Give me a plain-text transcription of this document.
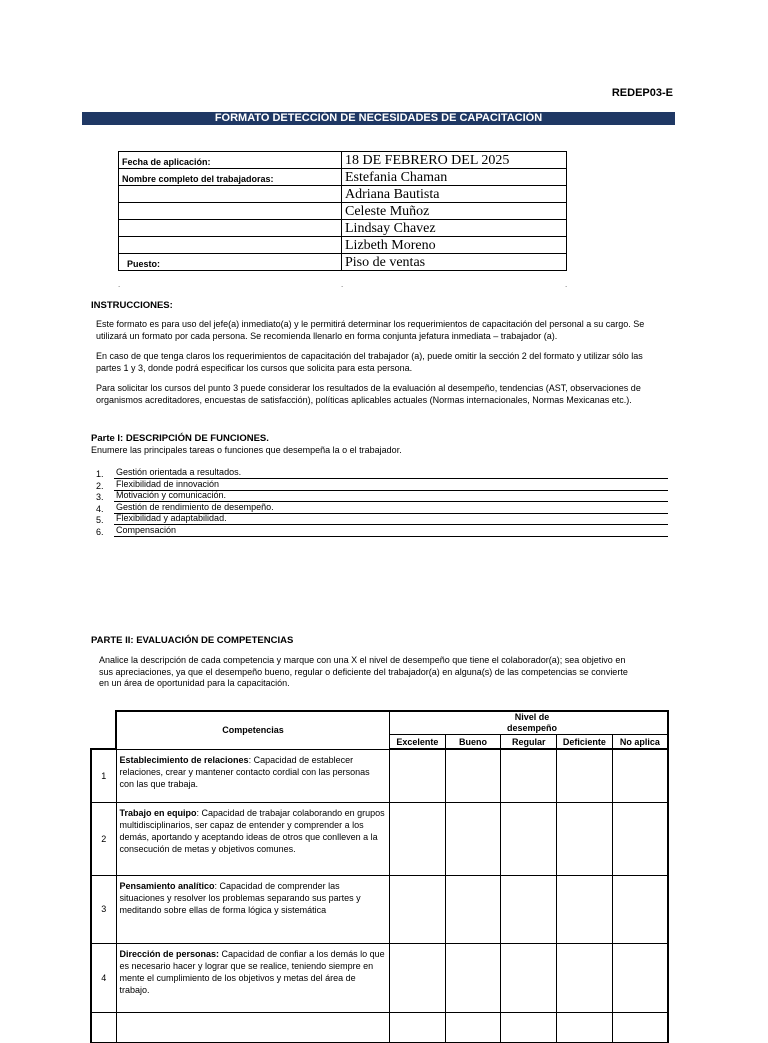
REDEP03-E
FORMATO DETECCIÓN DE NECESIDADES DE CAPACITACIÓN
Fecha de aplicación:	18 DE FEBRERO DEL 2025
Nombre completo del trabajadoras:	Estefania Chaman
	Adriana Bautista
	Celeste Muñoz
	Lindsay Chavez
	Lizbeth Moreno
Puesto:	Piso de ventas
.	.	.
INSTRUCCIONES:
Este formato es para uso del jefe(a) inmediato(a) y le permitirá determinar los requerimientos de capacitación del personal a su cargo. Se utilizará un formato por cada persona. Se recomienda llenarlo en forma conjunta jefatura inmediata – trabajador (a).
En caso de que tenga claros los requerimientos de capacitación del trabajador (a), puede omitir la sección 2 del formato y utilizar sólo las partes 1 y 3, donde podrá especificar los cursos que solicita para esta persona.
Para solicitar los cursos del punto 3 puede considerar los resultados de la evaluación al desempeño, tendencias (AST, observaciones de organismos acreditadores, encuestas de satisfacción), políticas aplicables actuales (Normas internacionales, Normas Mexicanas etc.).
Parte I: DESCRIPCIÓN DE FUNCIONES.
Enumere las principales tareas o funciones que desempeña la o el trabajador.
1.	Gestión orientada a resultados.
2.	Flexibilidad de innovación
3.	Motivación y comunicación.
4.	Gestión de rendimiento de desempeño.
5.	Flexibilidad y adaptabilidad.
6.	Compensación
PARTE II: EVALUACIÓN DE COMPETENCIAS
Analice la descripción de cada competencia y marque con una X el nivel de desempeño que tiene el colaborador(a); sea objetivo en sus apreciaciones, ya que el desempeño bueno, regular o deficiente del trabajador(a) en alguna(s) de las competencias se convierte en un área de oportunidad para la capacitación.
	Competencias	Nivel de desempeño				

		Excelente	Bueno	Regular	Deficiente	No aplica
1	Establecimiento de relaciones: Capacidad de establecer relaciones, crear y mantener contacto cordial con las personas con las que trabaja.					
2	Trabajo en equipo: Capacidad de trabajar colaborando en grupos multidisciplinarios, ser capaz de entender y comprender a los demás, aportando y aceptando ideas de otros que conlleven a la consecución de metas y objetivos comunes.					
3	Pensamiento analítico: Capacidad de comprender las situaciones y resolver los problemas separando sus partes y meditando sobre ellas de forma lógica y sistemática					
4	Dirección de personas: Capacidad de confiar a los demás lo que es necesario hacer y lograr que se realice, teniendo siempre en mente el cumplimiento de los objetivos y metas del área de trabajo.					
